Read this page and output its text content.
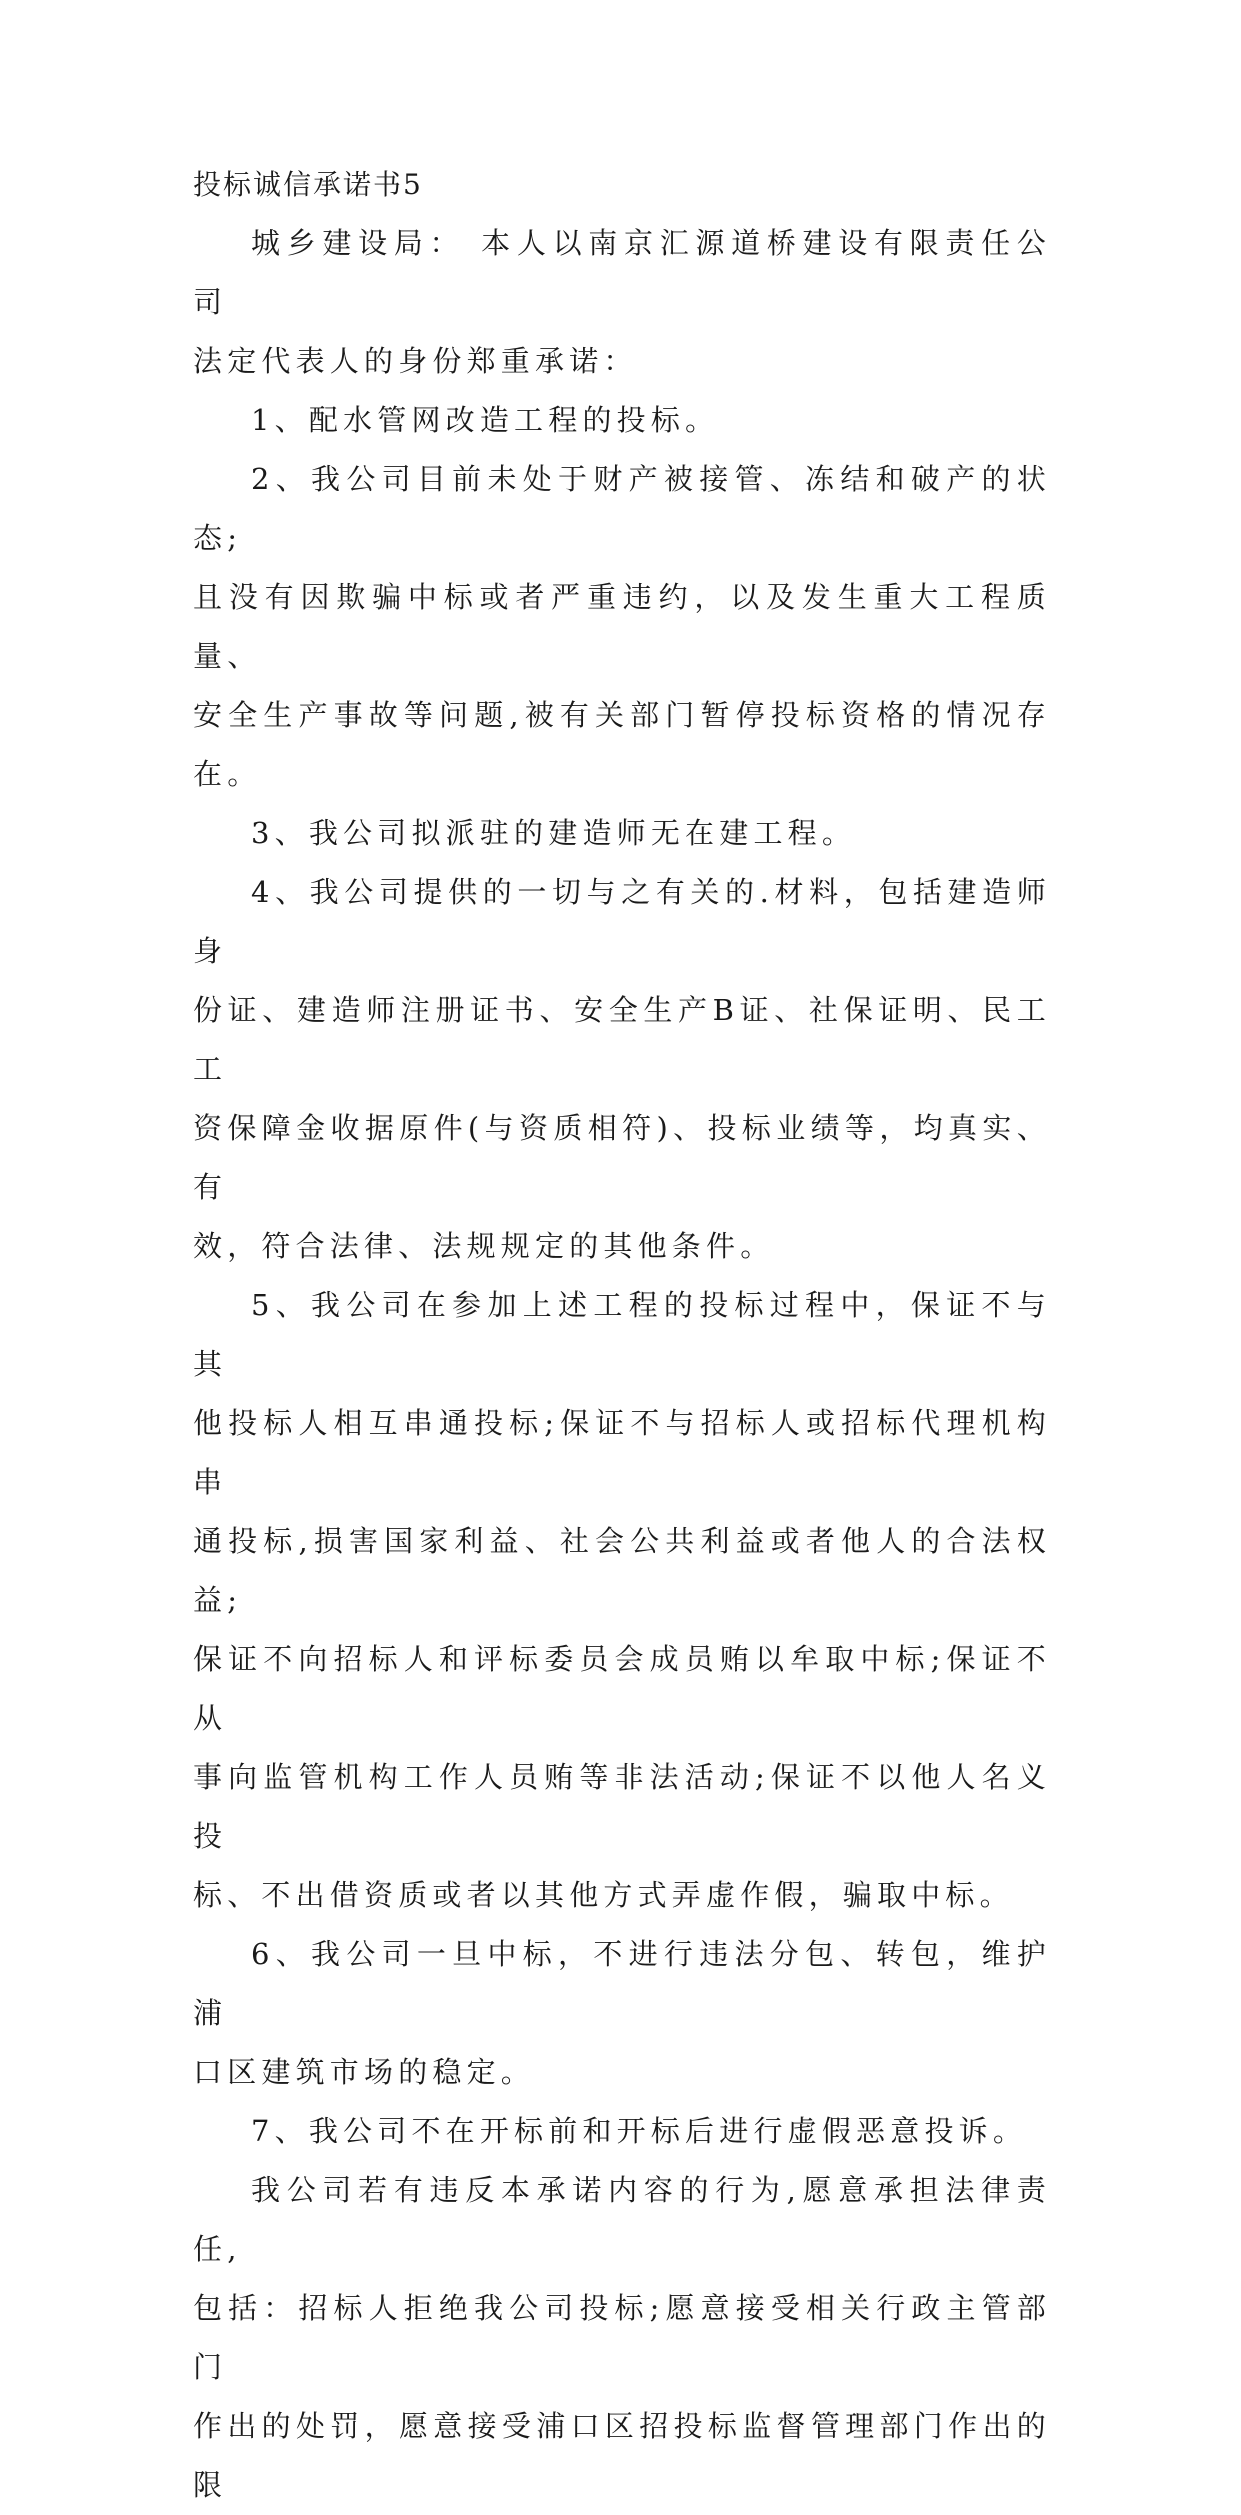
投标诚信承诺书5

城乡建设局： 本人以南京汇源道桥建设有限责任公司
法定代表人的身份郑重承诺：

1、配水管网改造工程的投标。

2、我公司目前未处于财产被接管、冻结和破产的状态;
且没有因欺骗中标或者严重违约，以及发生重大工程质量、
安全生产事故等问题,被有关部门暂停投标资格的情况存在。

3、我公司拟派驻的建造师无在建工程。

4、我公司提供的一切与之有关的.材料，包括建造师身
份证、建造师注册证书、安全生产B证、社保证明、民工工
资保障金收据原件(与资质相符)、投标业绩等，均真实、有
效，符合法律、法规规定的其他条件。

5、我公司在参加上述工程的投标过程中，保证不与其
他投标人相互串通投标;保证不与招标人或招标代理机构串
通投标,损害国家利益、社会公共利益或者他人的合法权益;
保证不向招标人和评标委员会成员贿以牟取中标;保证不从
事向监管机构工作人员贿等非法活动;保证不以他人名义投
标、不出借资质或者以其他方式弄虚作假，骗取中标。

6、我公司一旦中标，不进行违法分包、转包，维护浦
口区建筑市场的稳定。

7、我公司不在开标前和开标后进行虚假恶意投诉。

我公司若有违反本承诺内容的行为,愿意承担法律责任,
包括：招标人拒绝我公司投标;愿意接受相关行政主管部门
作出的处罚，愿意接受浦口区招投标监督管理部门作出的限
